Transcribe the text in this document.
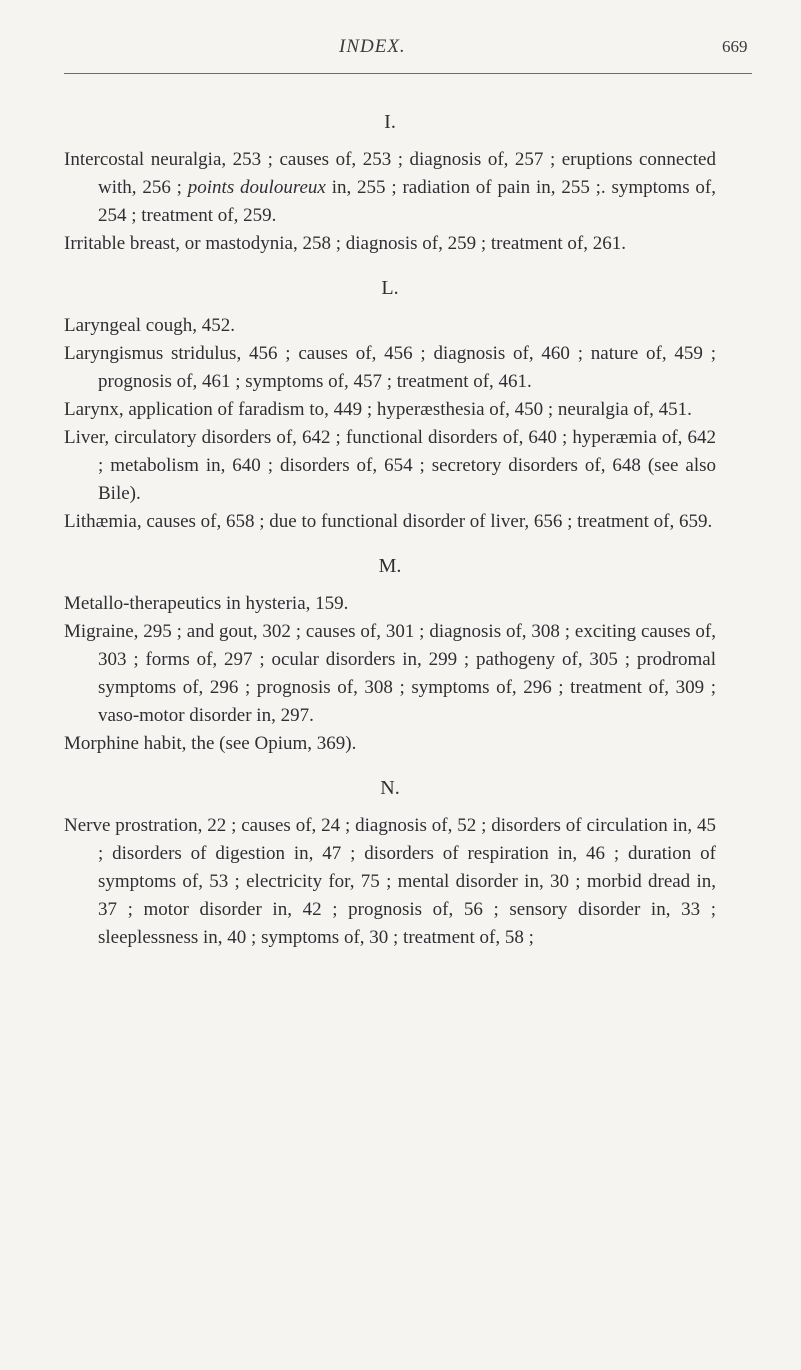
INDEX.	669
I.

Intercostal neuralgia, 253 ; causes of, 253 ; diagnosis of, 257 ; eruptions connected with, 256 ; points douloureux in, 255 ; radiation of pain in, 255 ;. symptoms of, 254 ; treatment of, 259.

Irritable breast, or mastodynia, 258 ; diagnosis of, 259 ; treatment of, 261.

L.

Laryngeal cough, 452.

Laryngismus stridulus, 456 ; causes of, 456 ; diagnosis of, 460 ; nature of, 459 ; prognosis of, 461 ; symptoms of, 457 ; treatment of, 461.

Larynx, application of faradism to, 449 ; hyperæsthesia of, 450 ; neuralgia of, 451.

Liver, circulatory disorders of, 642 ; functional disorders of, 640 ; hyperæmia of, 642 ; metabolism in, 640 ; disorders of, 654 ; secretory disorders of, 648 (see also Bile).

Lithæmia, causes of, 658 ; due to functional disorder of liver, 656 ; treatment of, 659.

M.

Metallo-therapeutics in hysteria, 159.

Migraine, 295 ; and gout, 302 ; causes of, 301 ; diagnosis of, 308 ; exciting causes of, 303 ; forms of, 297 ; ocular disorders in, 299 ; pathogeny of, 305 ; prodromal symptoms of, 296 ; prognosis of, 308 ; symptoms of, 296 ; treatment of, 309 ; vaso-motor disorder in, 297.

Morphine habit, the (see Opium, 369).

N.

Nerve prostration, 22 ; causes of, 24 ; diagnosis of, 52 ; disorders of circulation in, 45 ; disorders of digestion in, 47 ; disorders of respiration in, 46 ; duration of symptoms of, 53 ; electricity for, 75 ; mental disorder in, 30 ; morbid dread in, 37 ; motor disorder in, 42 ; prognosis of, 56 ; sensory disorder in, 33 ; sleeplessness in, 40 ; symptoms of, 30 ; treatment of, 58 ;
